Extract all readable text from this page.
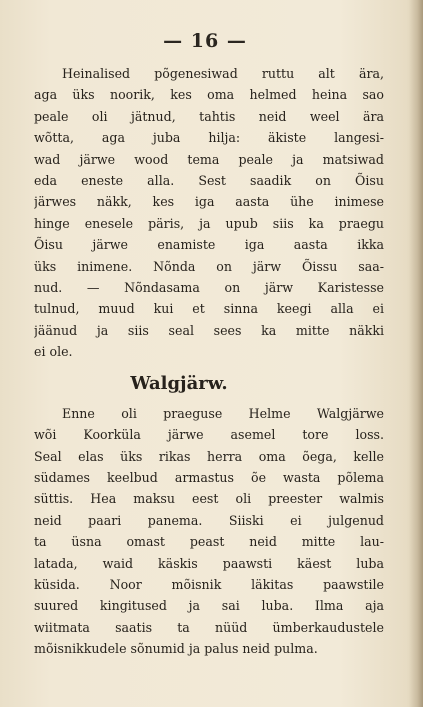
— 16 —
Heinalised põgenesiwad ruttu alt ära,
aga üks noorik, kes oma helmed heina sao
peale oli jätnud, tahtis neid weel ära
wõtta, aga juba hilja: äkiste langesi-
wad järwe wood tema peale ja matsiwad
eda eneste alla. Sest saadik on Õisu
järwes näkk, kes iga aasta ühe inimese
hinge enesele päris, ja upub siis ka praegu
Õisu järwe enamiste iga aasta ikka
üks inimene. Nõnda on järw Õissu saa-
nud. — Nõndasama on järw Karistesse
tulnud, muud kui et sinna keegi alla ei
jäänud ja siis seal sees ka mitte näkki
ei ole.
Walgjärw.
Enne oli praeguse Helme Walgjärwe
wõi Koorküla järwe asemel tore loss.
Seal elas üks rikas herra oma õega, kelle
südames keelbud armastus õe wasta põlema
süttis. Hea maksu eest oli preester walmis
neid paari panema. Siiski ei julgenud
ta üsna omast peast neid mitte lau-
latada, waid käskis paawsti käest luba
küsida. Noor mõisnik läkitas paawstile
suured kingitused ja sai luba. Ilma aja
wiitmata saatis ta nüüd ümberkaudustele
mõisnikkudele sõnumid ja palus neid pulma.
